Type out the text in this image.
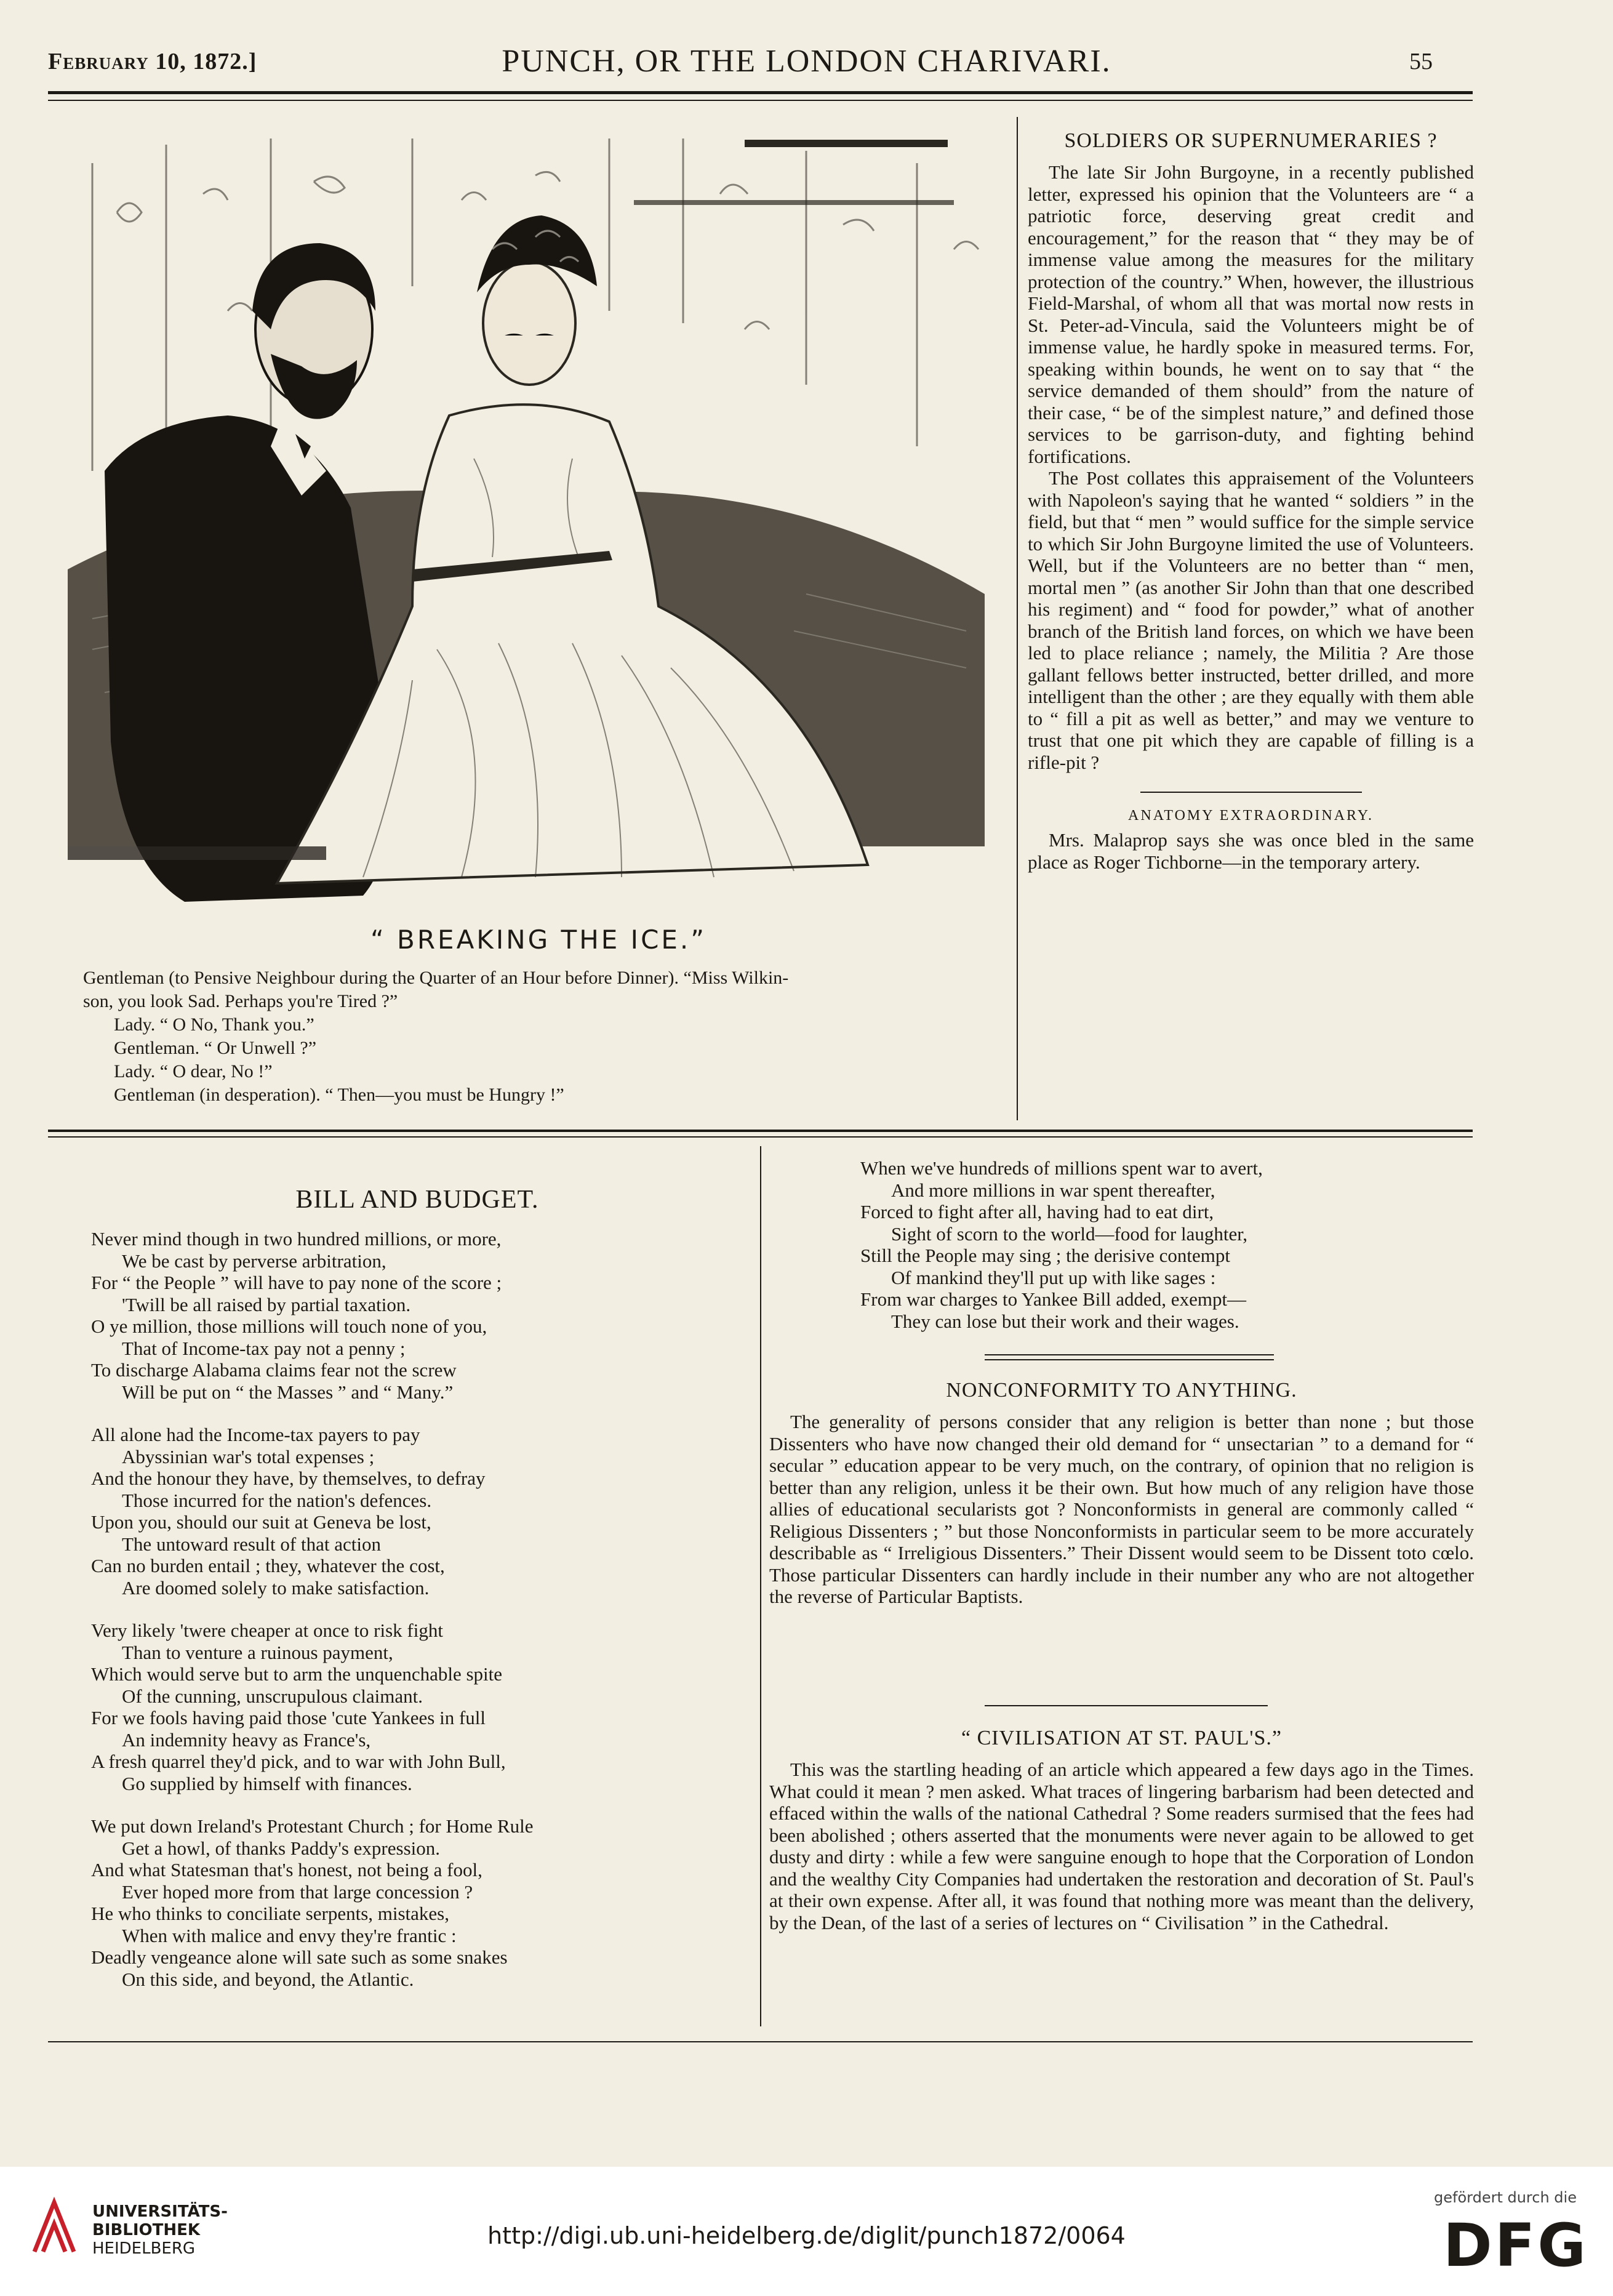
February 10, 1872.]	PUNCH, OR THE LONDON CHARIVARI.	55
“ BREAKING THE ICE.”
Gentleman (to Pensive Neighbour during the Quarter of an Hour before Dinner). “Miss Wilkin-
son, you look Sad. Perhaps you're Tired ?”
Lady. “ O No, Thank you.”
Gentleman. “ Or Unwell ?”
Lady. “ O dear, No !”
Gentleman (in desperation). “ Then—you must be Hungry !”
SOLDIERS OR SUPERNUMERARIES ?

The late Sir John Burgoyne, in a recently published letter, expressed his opinion that the Volunteers are “ a patriotic force, deserving great credit and encouragement,” for the reason that “ they may be of immense value among the measures for the military protection of the country.” When, however, the illustrious Field-Marshal, of whom all that was mortal now rests in St. Peter-ad-Vincula, said the Volunteers might be of immense value, he hardly spoke in measured terms. For, speaking within bounds, he went on to say that “ the service demanded of them should” from the nature of their case, “ be of the simplest nature,” and defined those services to be garrison-duty, and fighting behind fortifications.

The Post collates this appraisement of the Volunteers with Napoleon's saying that he wanted “ soldiers ” in the field, but that “ men ” would suffice for the simple service to which Sir John Burgoyne limited the use of Volunteers. Well, but if the Volunteers are no better than “ men, mortal men ” (as another Sir John than that one described his regiment) and “ food for powder,” what of another branch of the British land forces, on which we have been led to place reliance ; namely, the Militia ? Are those gallant fellows better instructed, better drilled, and more intelligent than the other ; are they equally with them able to “ fill a pit as well as better,” and may we venture to trust that one pit which they are capable of filling is a rifle-pit ?

ANATOMY EXTRAORDINARY.

Mrs. Malaprop says she was once bled in the same place as Roger Tichborne—in the temporary artery.

BILL AND BUDGET.
Never mind though in two hundred millions, or more,
We be cast by perverse arbitration,
For “ the People ” will have to pay none of the score ;
'Twill be all raised by partial taxation.
O ye million, those millions will touch none of you,
That of Income-tax pay not a penny ;
To discharge Alabama claims fear not the screw
Will be put on “ the Masses ” and “ Many.”
All alone had the Income-tax payers to pay
Abyssinian war's total expenses ;
And the honour they have, by themselves, to defray
Those incurred for the nation's defences.
Upon you, should our suit at Geneva be lost,
The untoward result of that action
Can no burden entail ; they, whatever the cost,
Are doomed solely to make satisfaction.
Very likely 'twere cheaper at once to risk fight
Than to venture a ruinous payment,
Which would serve but to arm the unquenchable spite
Of the cunning, unscrupulous claimant.
For we fools having paid those 'cute Yankees in full
An indemnity heavy as France's,
A fresh quarrel they'd pick, and to war with John Bull,
Go supplied by himself with finances.
We put down Ireland's Protestant Church ; for Home Rule
Get a howl, of thanks Paddy's expression.
And what Statesman that's honest, not being a fool,
Ever hoped more from that large concession ?
He who thinks to conciliate serpents, mistakes,
When with malice and envy they're frantic :
Deadly vengeance alone will sate such as some snakes
On this side, and beyond, the Atlantic.
When we've hundreds of millions spent war to avert,
And more millions in war spent thereafter,
Forced to fight after all, having had to eat dirt,
Sight of scorn to the world—food for laughter,
Still the People may sing ; the derisive contempt
Of mankind they'll put up with like sages :
From war charges to Yankee Bill added, exempt—
They can lose but their work and their wages.
NONCONFORMITY TO ANYTHING.

The generality of persons consider that any religion is better than none ; but those Dissenters who have now changed their old demand for “ unsectarian ” to a demand for “ secular ” education appear to be very much, on the contrary, of opinion that no religion is better than any religion, unless it be their own. But how much of any religion have those allies of educational secularists got ? Nonconformists in general are commonly called “ Religious Dissenters ; ” but those Nonconformists in particular seem to be more accurately describable as “ Irreligious Dissenters.” Their Dissent would seem to be Dissent toto cœlo. Those particular Dissenters can hardly include in their number any who are not altogether the reverse of Particular Baptists.

“ CIVILISATION AT ST. PAUL'S.”

This was the startling heading of an article which appeared a few days ago in the Times. What could it mean ? men asked. What traces of lingering barbarism had been detected and effaced within the walls of the national Cathedral ? Some readers surmised that the fees had been abolished ; others asserted that the monuments were never again to be allowed to get dusty and dirty : while a few were sanguine enough to hope that the Corporation of London and the wealthy City Companies had undertaken the restoration and decoration of St. Paul's at their own expense. After all, it was found that nothing more was meant than the delivery, by the Dean, of the last of a series of lectures on “ Civilisation ” in the Cathedral.

UNIVERSITÄTS-
BIBLIOTHEK
HEIDELBERG	http://digi.ub.uni-heidelberg.de/diglit/punch1872/0064
gefördert durch die
DFG
